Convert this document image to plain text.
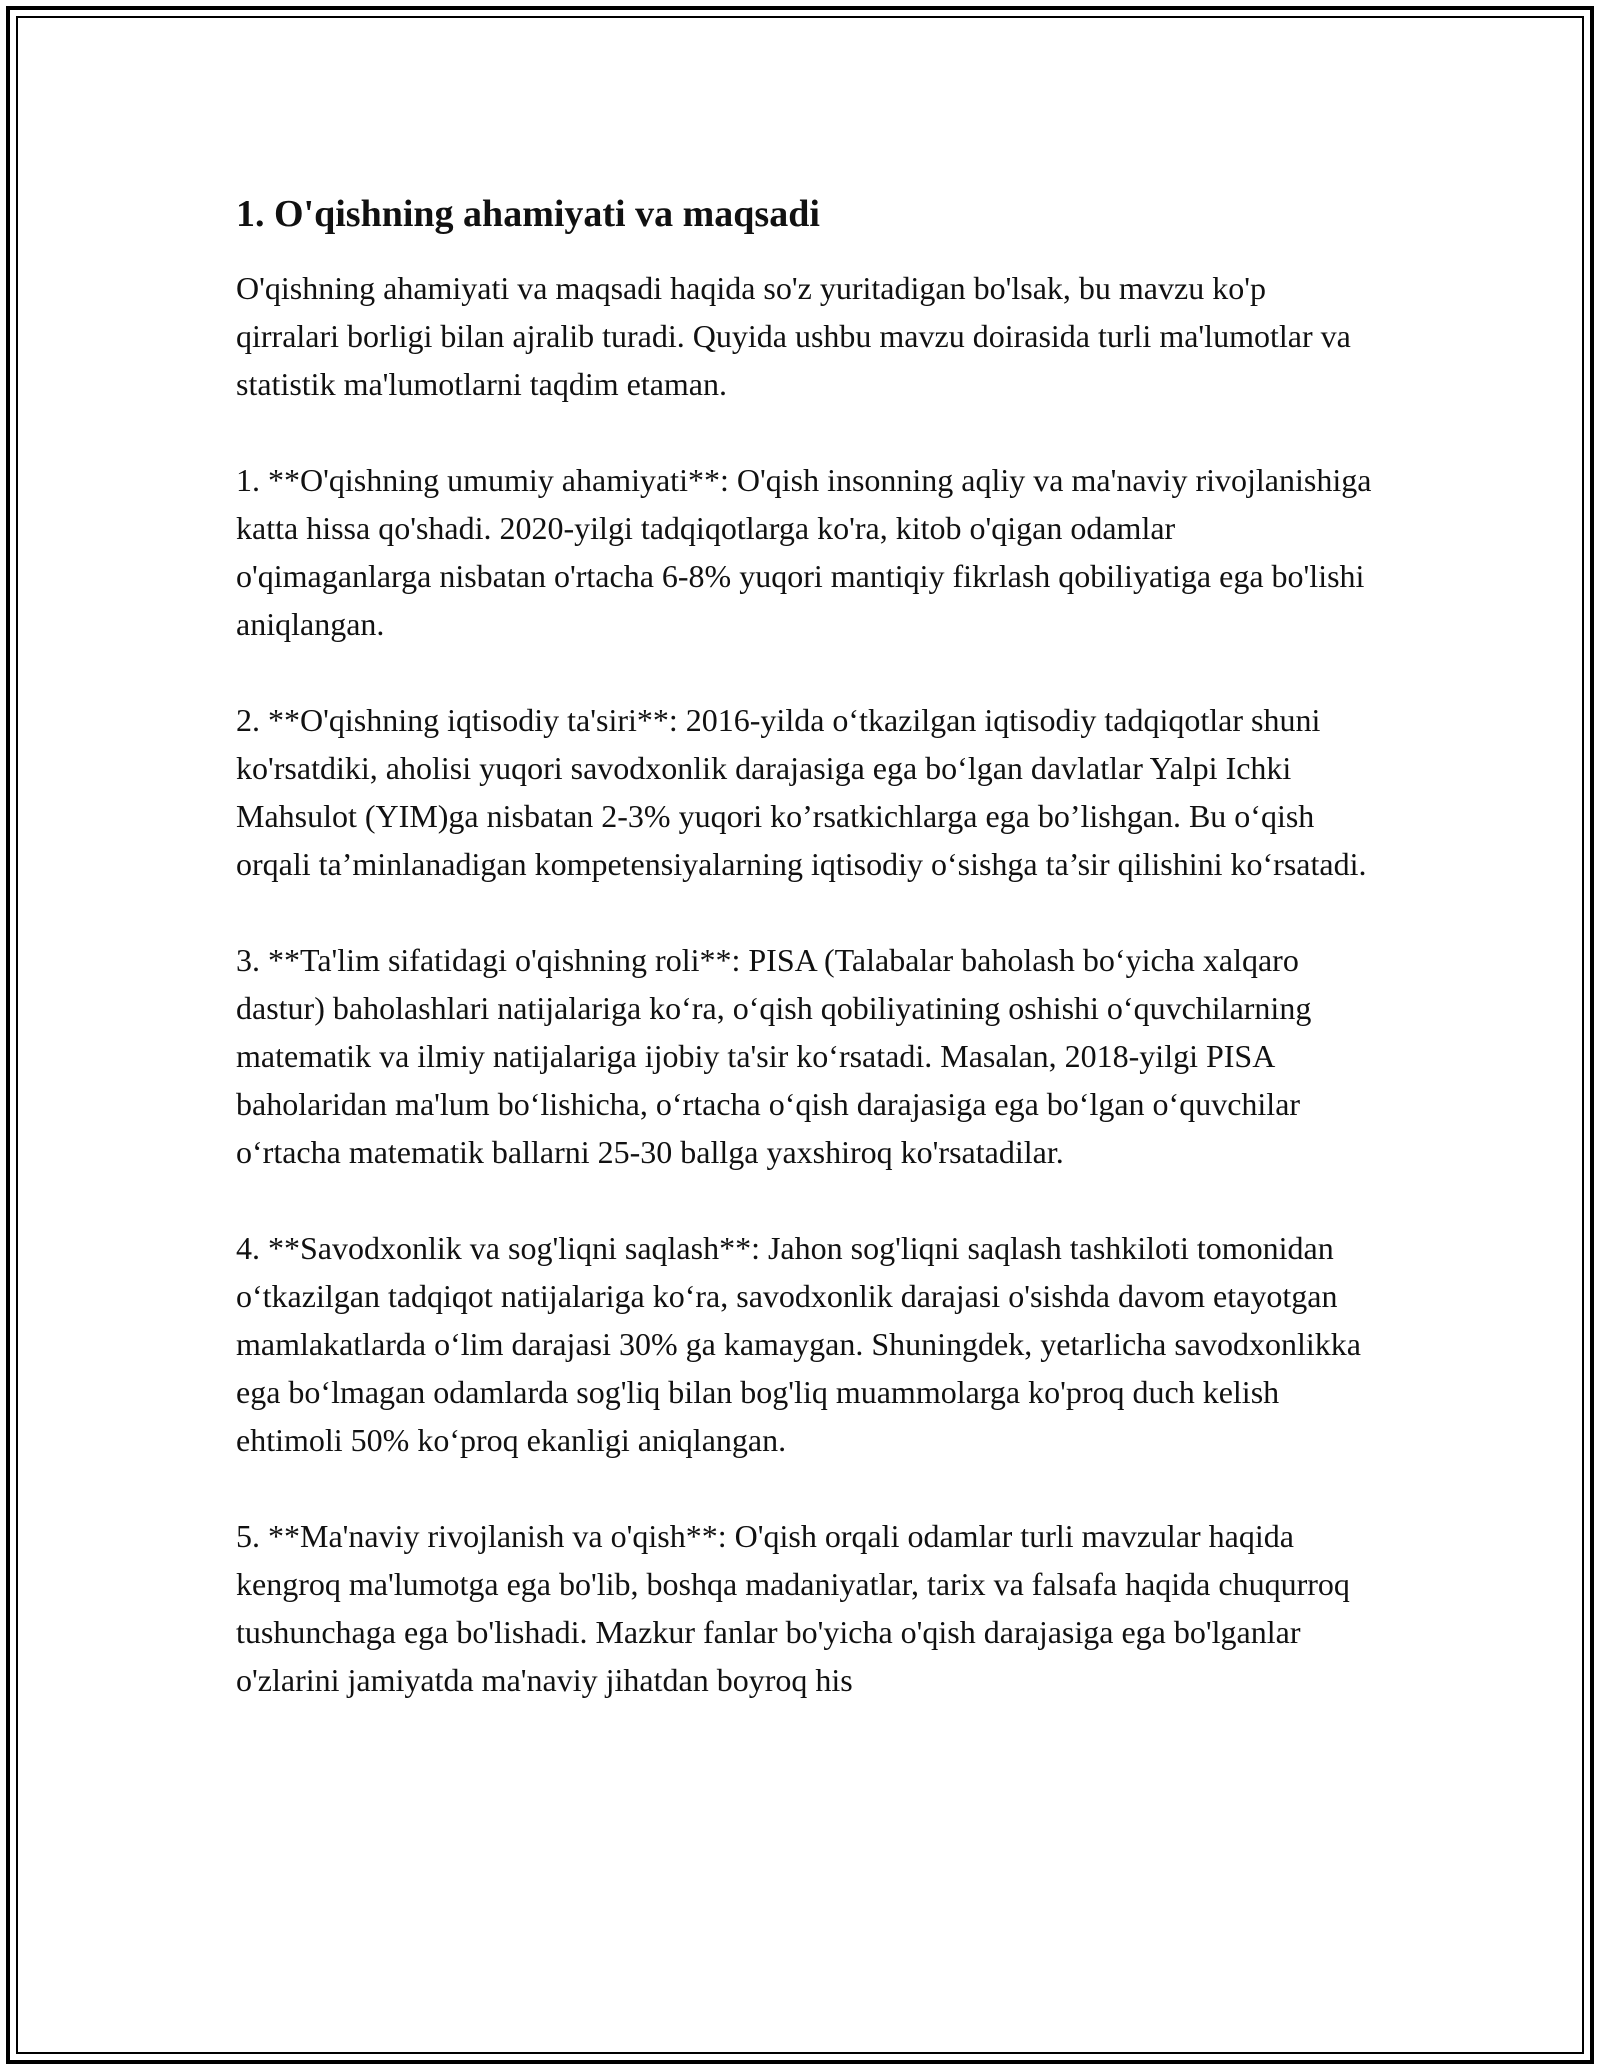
1. O'qishning ahamiyati va maqsadi

O'qishning ahamiyati va maqsadi haqida so'z yuritadigan bo'lsak, bu mavzu ko'p qirralari borligi bilan ajralib turadi. Quyida ushbu mavzu doirasida turli ma'lumotlar va statistik ma'lumotlarni taqdim etaman.

1. **O'qishning umumiy ahamiyati**: O'qish insonning aqliy va ma'naviy rivojlanishiga katta hissa qo'shadi. 2020-yilgi tadqiqotlarga ko'ra, kitob o'qigan odamlar o'qimaganlarga nisbatan o'rtacha 6-8% yuqori mantiqiy fikrlash qobiliyatiga ega bo'lishi aniqlangan.

2. **O'qishning iqtisodiy ta'siri**: 2016-yilda o‘tkazilgan iqtisodiy tadqiqotlar shuni ko'rsatdiki, aholisi yuqori savodxonlik darajasiga ega bo‘lgan davlatlar Yalpi Ichki Mahsulot (YIM)ga nisbatan 2-3% yuqori ko’rsatkichlarga ega bo’lishgan. Bu o‘qish orqali ta’minlanadigan kompetensiyalarning iqtisodiy o‘sishga ta’sir qilishini ko‘rsatadi.

3. **Ta'lim sifatidagi o'qishning roli**: PISA (Talabalar baholash bo‘yicha xalqaro dastur) baholashlari natijalariga ko‘ra, o‘qish qobiliyatining oshishi o‘quvchilarning matematik va ilmiy natijalariga ijobiy ta'sir ko‘rsatadi. Masalan, 2018-yilgi PISA baholaridan ma'lum bo‘lishicha, o‘rtacha o‘qish darajasiga ega bo‘lgan o‘quvchilar o‘rtacha matematik ballarni 25-30 ballga yaxshiroq ko'rsatadilar.

4. **Savodxonlik va sog'liqni saqlash**: Jahon sog'liqni saqlash tashkiloti tomonidan o‘tkazilgan tadqiqot natijalariga ko‘ra, savodxonlik darajasi o'sishda davom etayotgan mamlakatlarda o‘lim darajasi 30% ga kamaygan. Shuningdek, yetarlicha savodxonlikka ega bo‘lmagan odamlarda sog'liq bilan bog'liq muammolarga ko'proq duch kelish ehtimoli 50% ko‘proq ekanligi aniqlangan.

5. **Ma'naviy rivojlanish va o'qish**: O'qish orqali odamlar turli mavzular haqida kengroq ma'lumotga ega bo'lib, boshqa madaniyatlar, tarix va falsafa haqida chuqurroq tushunchaga ega bo'lishadi. Mazkur fanlar bo'yicha o'qish darajasiga ega bo'lganlar o'zlarini jamiyatda ma'naviy jihatdan boyroq his
